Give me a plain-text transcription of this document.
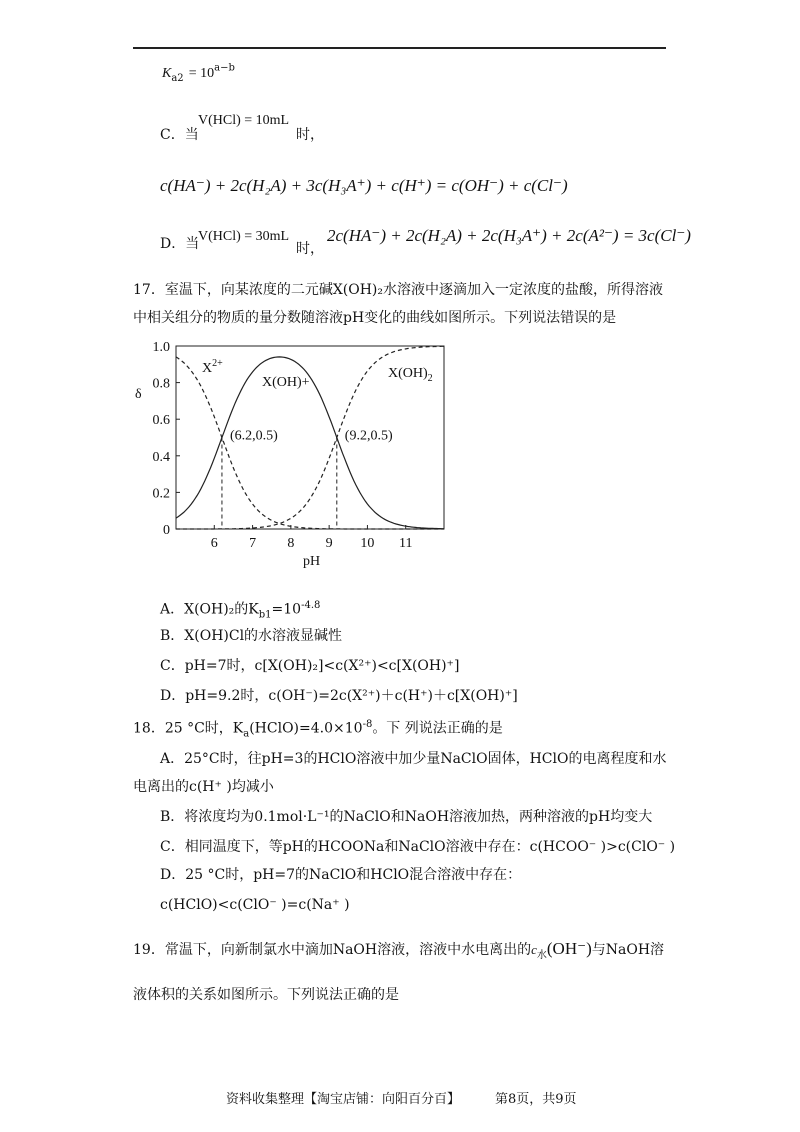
$K_{a2} = 10^{a-b}$
C．当
V(HCl) = 10mL
时，
c(HA⁻) + 2c(H₂A) + 3c(H₃A⁺) + c(H⁺) = c(OH⁻) + c(Cl⁻)
D．当
V(HCl) = 30mL
时，
2c(HA⁻) + 2c(H₂A) + 2c(H₃A⁺) + 2c(A²⁻) = 3c(Cl⁻)
17．室温下，向某浓度的二元碱X(OH)₂水溶液中逐滴加入一定浓度的盐酸，所得溶液
中相关组分的物质的量分数随溶液pH变化的曲线如图所示。下列说法错误的是
δ
pH
0
0.2
0.4
0.6
0.8
1.0
6 7 8 9 10 11
$X^{2+}$
X(OH)+
$X(OH)_2$
(6.2,0.5)	(9.2,0.5)
A．X(OH)₂的$K_{b1}=10^{-4.8}$
B．X(OH)Cl的水溶液显碱性
C．pH=7时，c[X(OH)₂]<c(X²⁺)<c[X(OH)⁺]
D．pH=9.2时，c(OH⁻)=2c(X²⁺)＋c(H⁺)＋c[X(OH)⁺]
18．25 °C时，$K_a(HClO)=4.0\times 10^{-8}$。下 列说法正确的是
A．25°C时，往pH=3的HClO溶液中加少量NaClO固体，HClO的电离程度和水
电离出的c(H⁺ )均减小
B．将浓度均为0.1mol·L⁻¹的NaClO和NaOH溶液加热，两种溶液的pH均变大
C．相同温度下，等pH的HCOONa和NaClO溶液中存在：c(HCOO⁻ )>c(ClO⁻ )
D．25 °C时，pH=7的NaClO和HClO混合溶液中存在：
c(HClO)<c(ClO⁻ )=c(Na⁺ )
19．常温下，向新制氯水中滴加NaOH溶液，溶液中水电离出的$c_水(OH^-)$与NaOH溶
液体积的关系如图所示。下列说法正确的是
资料收集整理【淘宝店铺：向阳百分百】	第8页，共9页
